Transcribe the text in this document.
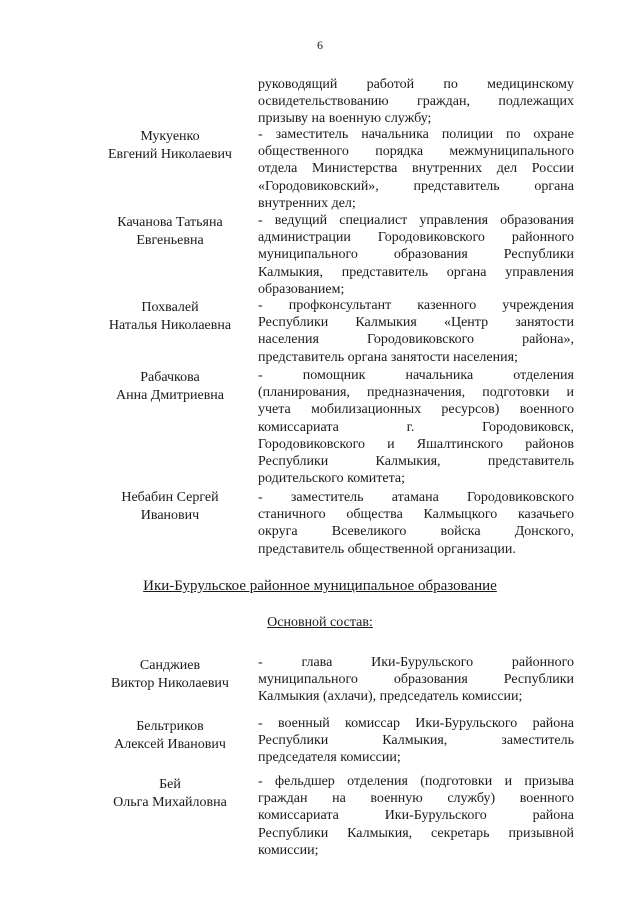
6
руководящий работой по медицинскому
освидетельствованию граждан, подлежащих
призыву на военную службу;
Мукуенко
Евгений Николаевич
- заместитель начальника полиции по охране
общественного порядка межмуниципального
отдела Министерства внутренних дел России
«Городовиковский», представитель органа
внутренних дел;
Качанова Татьяна
Евгеньевна
- ведущий специалист управления образования
администрации Городовиковского районного
муниципального образования Республики
Калмыкия, представитель органа управления
образованием;
Похвалей
Наталья Николаевна
- профконсультант казенного учреждения
Республики Калмыкия «Центр занятости
населения Городовиковского района»,
представитель органа занятости населения;
Рабачкова
Анна Дмитриевна
- помощник начальника отделения
(планирования, предназначения, подготовки и
учета мобилизационных ресурсов) военного
комиссариата г. Городовиковск,
Городовиковского и Яшалтинского районов
Республики Калмыкия, представитель
родительского комитета;
Небабин Сергей
Иванович
- заместитель атамана Городовиковского
станичного общества Калмыцкого казачьего
округа Всевеликого войска Донского,
представитель общественной организации.
Ики-Бурульское районное муниципальное образование
Основной состав:
Санджиев
Виктор Николаевич
- глава Ики-Бурульского районного
муниципального образования Республики
Калмыкия (ахлачи), председатель комиссии;
Бельтриков
Алексей Иванович
- военный комиссар Ики-Бурульского района
Республики Калмыкия, заместитель
председателя комиссии;
Бей
Ольга Михайловна
- фельдшер отделения (подготовки и призыва
граждан на военную службу) военного
комиссариата Ики-Бурульского района
Республики Калмыкия, секретарь призывной
комиссии;
